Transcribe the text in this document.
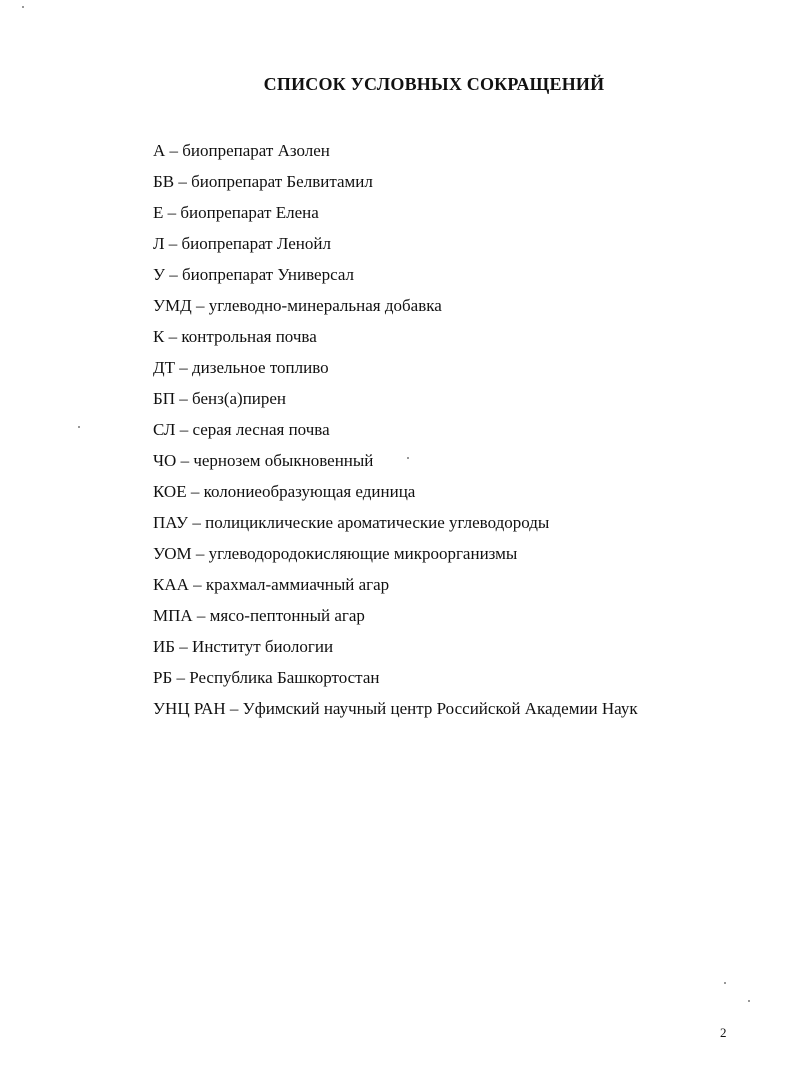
СПИСОК УСЛОВНЫХ СОКРАЩЕНИЙ
А – биопрепарат Азолен
БВ – биопрепарат Белвитамил
Е – биопрепарат Елена
Л – биопрепарат Ленойл
У – биопрепарат Универсал
УМД – углеводно-минеральная добавка
К – контрольная почва
ДТ – дизельное топливо
БП – бенз(а)пирен
СЛ – серая лесная почва
ЧО – чернозем обыкновенный
КОЕ – колониеобразующая единица
ПАУ – полициклические ароматические углеводороды
УОМ – углеводородокисляющие микроорганизмы
КАА – крахмал-аммиачный агар
МПА – мясо-пептонный агар
ИБ – Институт биологии
РБ – Республика Башкортостан
УНЦ РАН – Уфимский научный центр Российской Академии Наук
2
